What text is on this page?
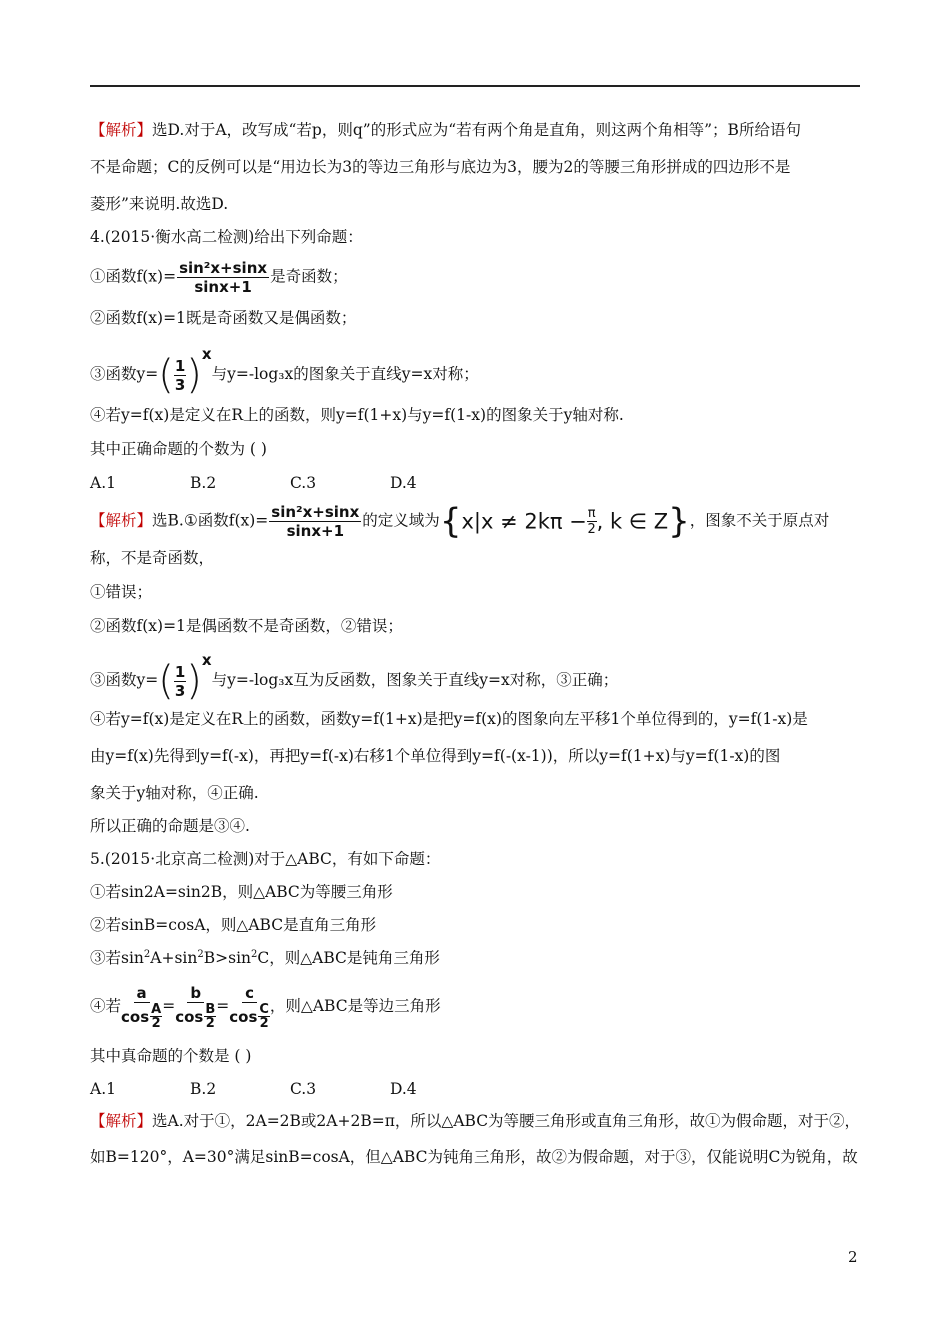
【解析】选D.对于A，改写成“若p，则q”的形式应为“若有两个角是直角，则这两个角相等”；B所给语句
不是命题；C的反例可以是“用边长为3的等边三角形与底边为3，腰为2的等腰三角形拼成的四边形不是
菱形”来说明.故选D.
4.(2015·衡水高二检测)给出下列命题：
①函数$f(x)= \frac{\text{sin²x+sinx}}{\sin x+1}$ 是奇函数；
②函数f(x)=1既是奇函数又是偶函数；
③函数$y=( \frac{1}{3} )x$与y=-log₃x的图象关于直线y=x对称；
④若y=f(x)是定义在R上的函数，则y=f(1+x)与y=f(1-x)的图象关于y轴对称.
其中正确命题的个数为 ( )
A.1	B.2	C.3	D.4
【解析】选B.①函数$f(x)= \frac{\text{sin²x+sinx}}{\sin x+1}$ 的定义域为{$x|x \ne 2k\pi - \frac{\pi}{2}$ , k ∈ Z}，图象不关于原点对
称，不是奇函数，
①错误；
②函数f(x)=1是偶函数不是奇函数，②错误；
③函数$y=( \frac{1}{3} )x$与y=-log₃x互为反函数，图象关于直线y=x对称，③正确；
④若y=f(x)是定义在R上的函数，函数y=f(1+x)是把y=f(x)的图象向左平移1个单位得到的，y=f(1-x)是
由y=f(x)先得到y=f(-x)，再把y=f(-x)右移1个单位得到y=f(-(x-1))，所以y=f(1+x)与y=f(1-x)的图
象关于y轴对称，④正确.
所以正确的命题是③④.
5.(2015·北京高二检测)对于△ABC，有如下命题：
①若sin2A=sin2B，则△ABC为等腰三角形
②若sinB=cosA，则△ABC是直角三角形
③若$\sin^2A+\sin^2B>\sin^2C$，则△ABC是钝角三角形
④若 a
cos A
2 = b
cos B
2 = c
cos C
2 ，则△ABC是等边三角形
其中真命题的个数是 ( )
A.1	B.2	C.3	D.4
【解析】选A.对于①，2A=2B或2A+2B=π，所以△ABC为等腰三角形或直角三角形，故①为假命题，对于②，
如B=120°，A=30°满足sinB=cosA，但△ABC为钝角三角形，故②为假命题，对于③，仅能说明C为锐角，故
2
